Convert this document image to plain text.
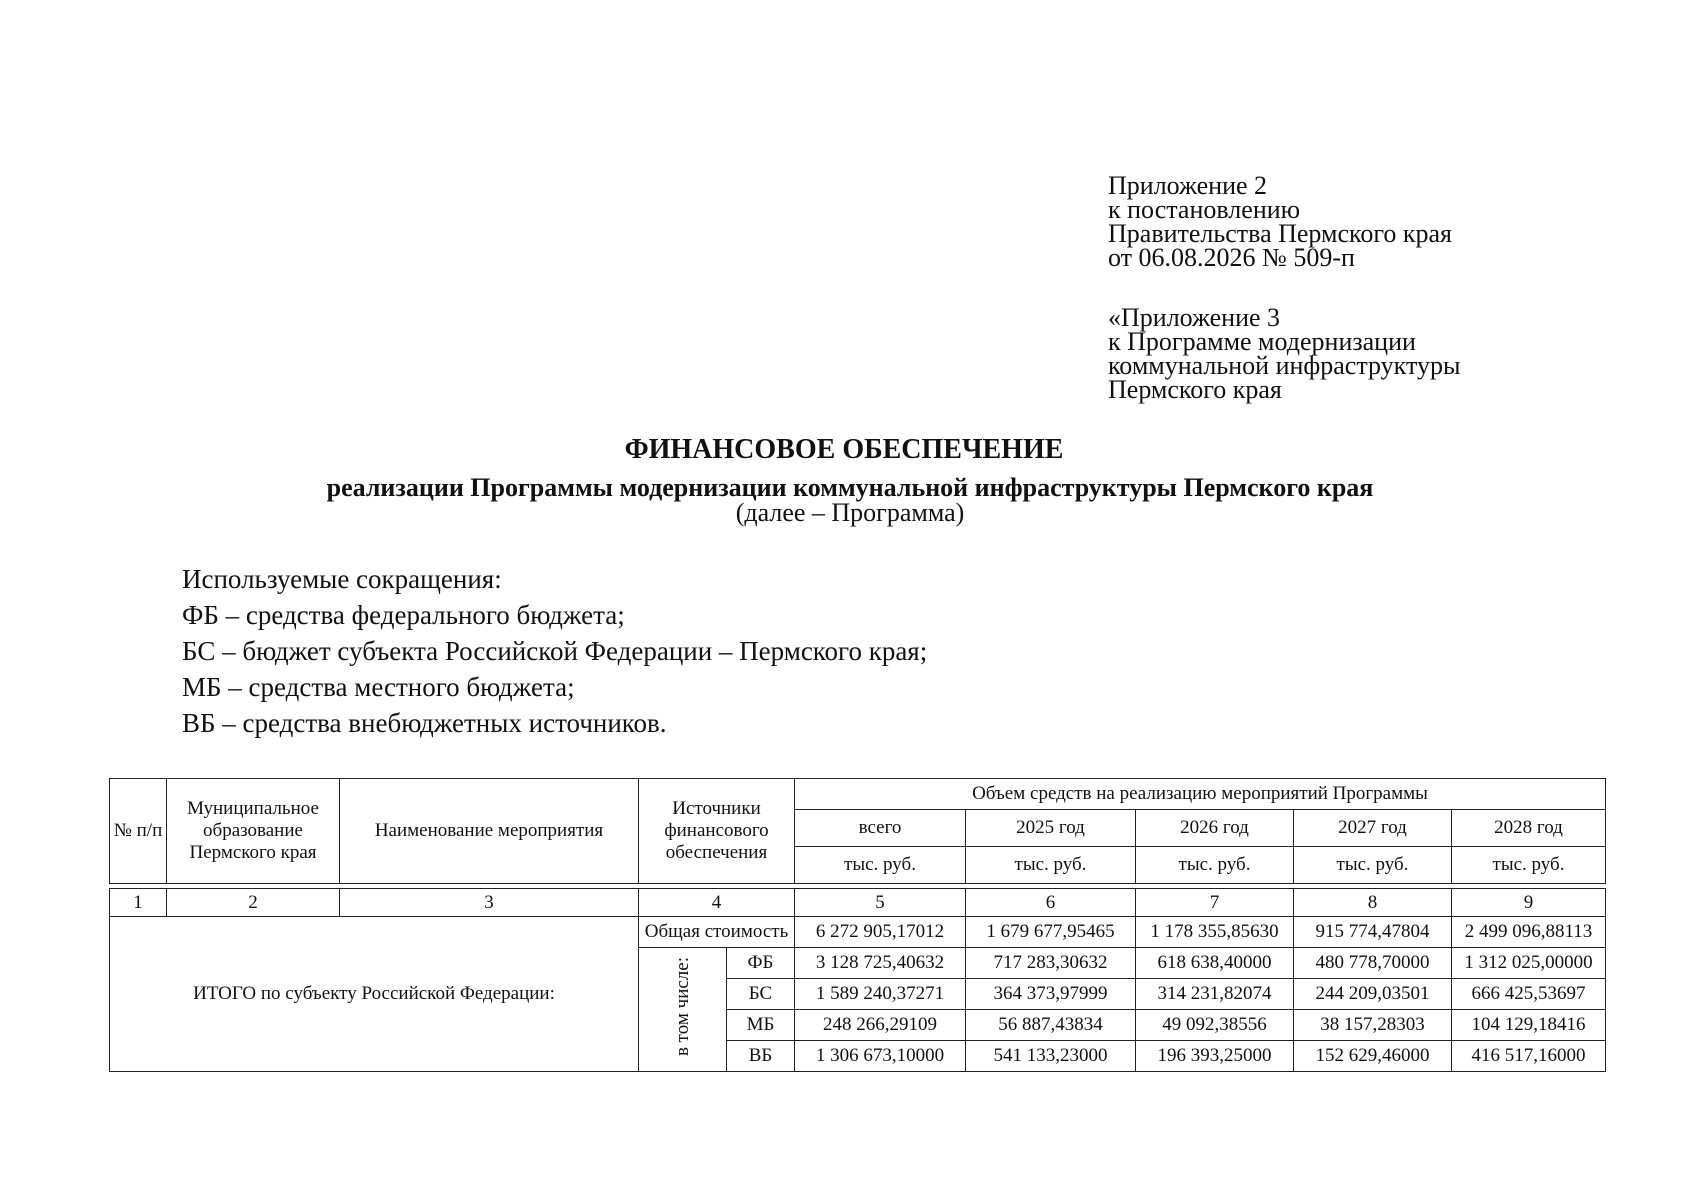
Приложение 2
к постановлению
Правительства Пермского края
от 06.08.2026 № 509-п
«Приложение 3
к Программе модернизации
коммунальной инфраструктуры
Пермского края
ФИНАНСОВОЕ ОБЕСПЕЧЕНИЕ
реализации Программы модернизации коммунальной инфраструктуры Пермского края
(далее – Программа)
Используемые сокращения:
ФБ – средства федерального бюджета;
БС – бюджет субъекта Российской Федерации – Пермского края;
МБ – средства местного бюджета;
ВБ – средства внебюджетных источников.
№ п/п	Муниципальное образование Пермского края	Наименование мероприятия	Источники финансового обеспечения		Объем средств на реализацию мероприятий Программы				
					всего	2025 год	2026 год	2027 год	2028 год
					тыс. руб.	тыс. руб.	тыс. руб.	тыс. руб.	тыс. руб.

1	2	3	4		5	6	7	8	9
ИТОГО по субъекту Российской Федерации:			Общая стоимость		6 272 905,17012	1 679 677,95465	1 178 355,85630	915 774,47804	2 499 096,88113
			в том числе:	ФБ	3 128 725,40632	717 283,30632	618 638,40000	480 778,70000	1 312 025,00000
				БС	1 589 240,37271	364 373,97999	314 231,82074	244 209,03501	666 425,53697
				МБ	248 266,29109	56 887,43834	49 092,38556	38 157,28303	104 129,18416
				ВБ	1 306 673,10000	541 133,23000	196 393,25000	152 629,46000	416 517,16000
